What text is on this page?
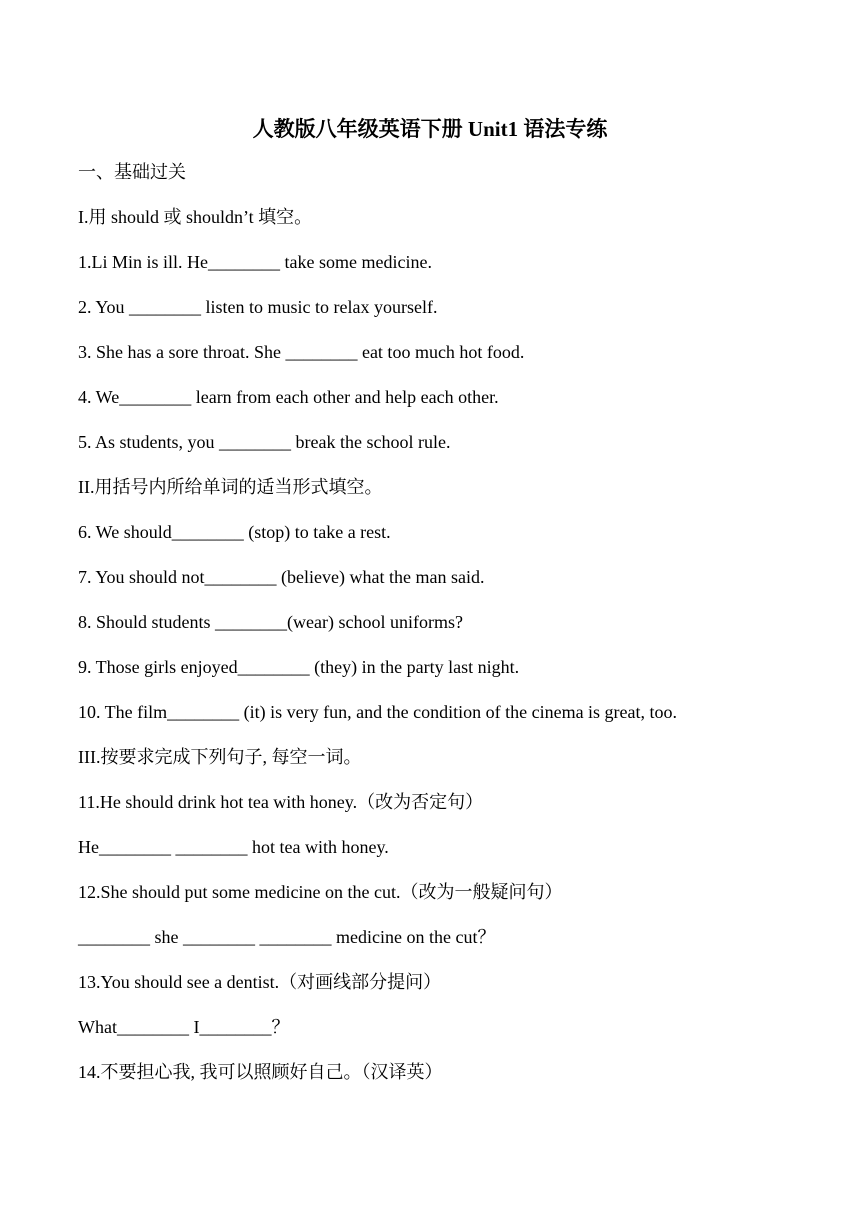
人教版八年级英语下册 Unit1 语法专练
一、基础过关
I.用 should 或 shouldn’t 填空。
1.Li Min is ill. He________ take some medicine.
2. You ________ listen to music to relax yourself.
3. She has a sore throat. She ________ eat too much hot food.
4. We________ learn from each other and help each other.
5. As students, you ________ break the school rule.
II.用括号内所给单词的适当形式填空。
6. We should________ (stop) to take a rest.
7. You should not________ (believe) what the man said.
8. Should students ________(wear) school uniforms?
9. Those girls enjoyed________ (they) in the party last night.
10. The film________ (it) is very fun, and the condition of the cinema is great, too.
III.按要求完成下列句子, 每空一词。
11.He should drink hot tea with honey.（改为否定句）
He________ ________ hot tea with honey.
12.She should put some medicine on the cut.（改为一般疑问句）
________ she ________ ________ medicine on the cut？
13.You should see a dentist.（对画线部分提问）
What________ I________？
14.不要担心我, 我可以照顾好自己。（汉译英）
